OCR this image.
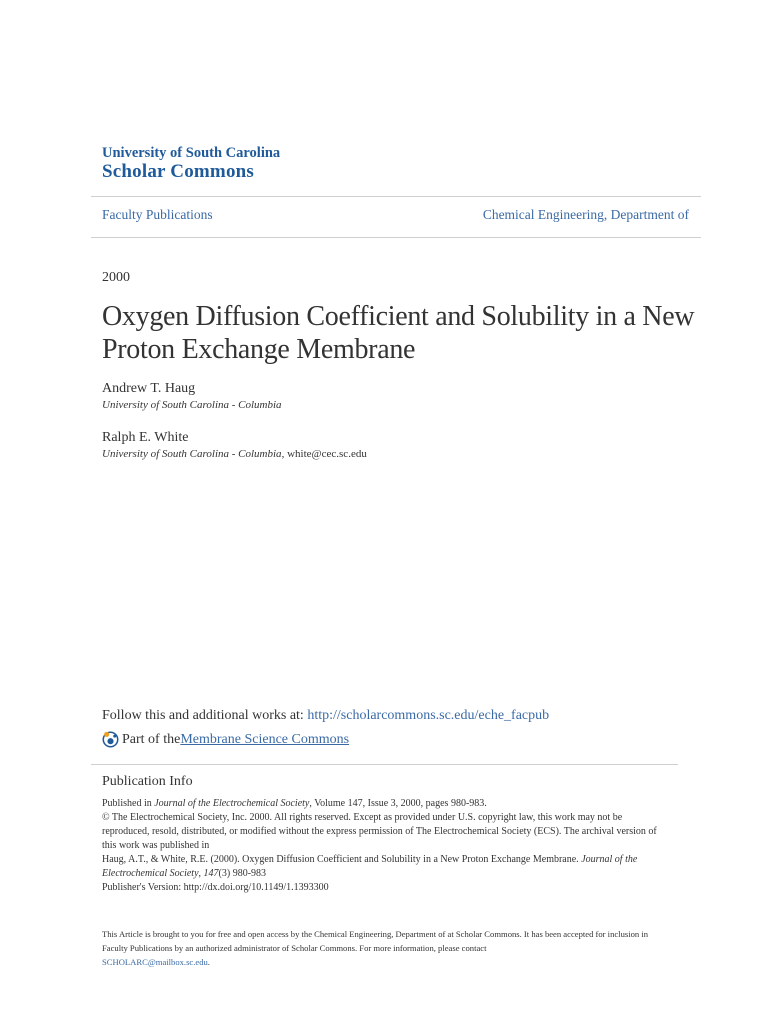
University of South Carolina
Scholar Commons
Faculty Publications	Chemical Engineering, Department of
2000
Oxygen Diffusion Coefficient and Solubility in a New Proton Exchange Membrane
Andrew T. Haug
University of South Carolina - Columbia
Ralph E. White
University of South Carolina - Columbia, white@cec.sc.edu
Follow this and additional works at: http://scholarcommons.sc.edu/eche_facpub
Part of the Membrane Science Commons
Publication Info

Published in Journal of the Electrochemical Society, Volume 147, Issue 3, 2000, pages 980-983.

© The Electrochemical Society, Inc. 2000. All rights reserved. Except as provided under U.S. copyright law, this work may not be reproduced, resold, distributed, or modified without the express permission of The Electrochemical Society (ECS). The archival version of this work was published in

Haug, A.T., & White, R.E. (2000). Oxygen Diffusion Coefficient and Solubility in a New Proton Exchange Membrane. Journal of the Electrochemical Society, 147(3) 980-983

Publisher's Version: http://dx.doi.org/10.1149/1.1393300

This Article is brought to you for free and open access by the Chemical Engineering, Department of at Scholar Commons. It has been accepted for inclusion in Faculty Publications by an authorized administrator of Scholar Commons. For more information, please contact

SCHOLARC@mailbox.sc.edu.
